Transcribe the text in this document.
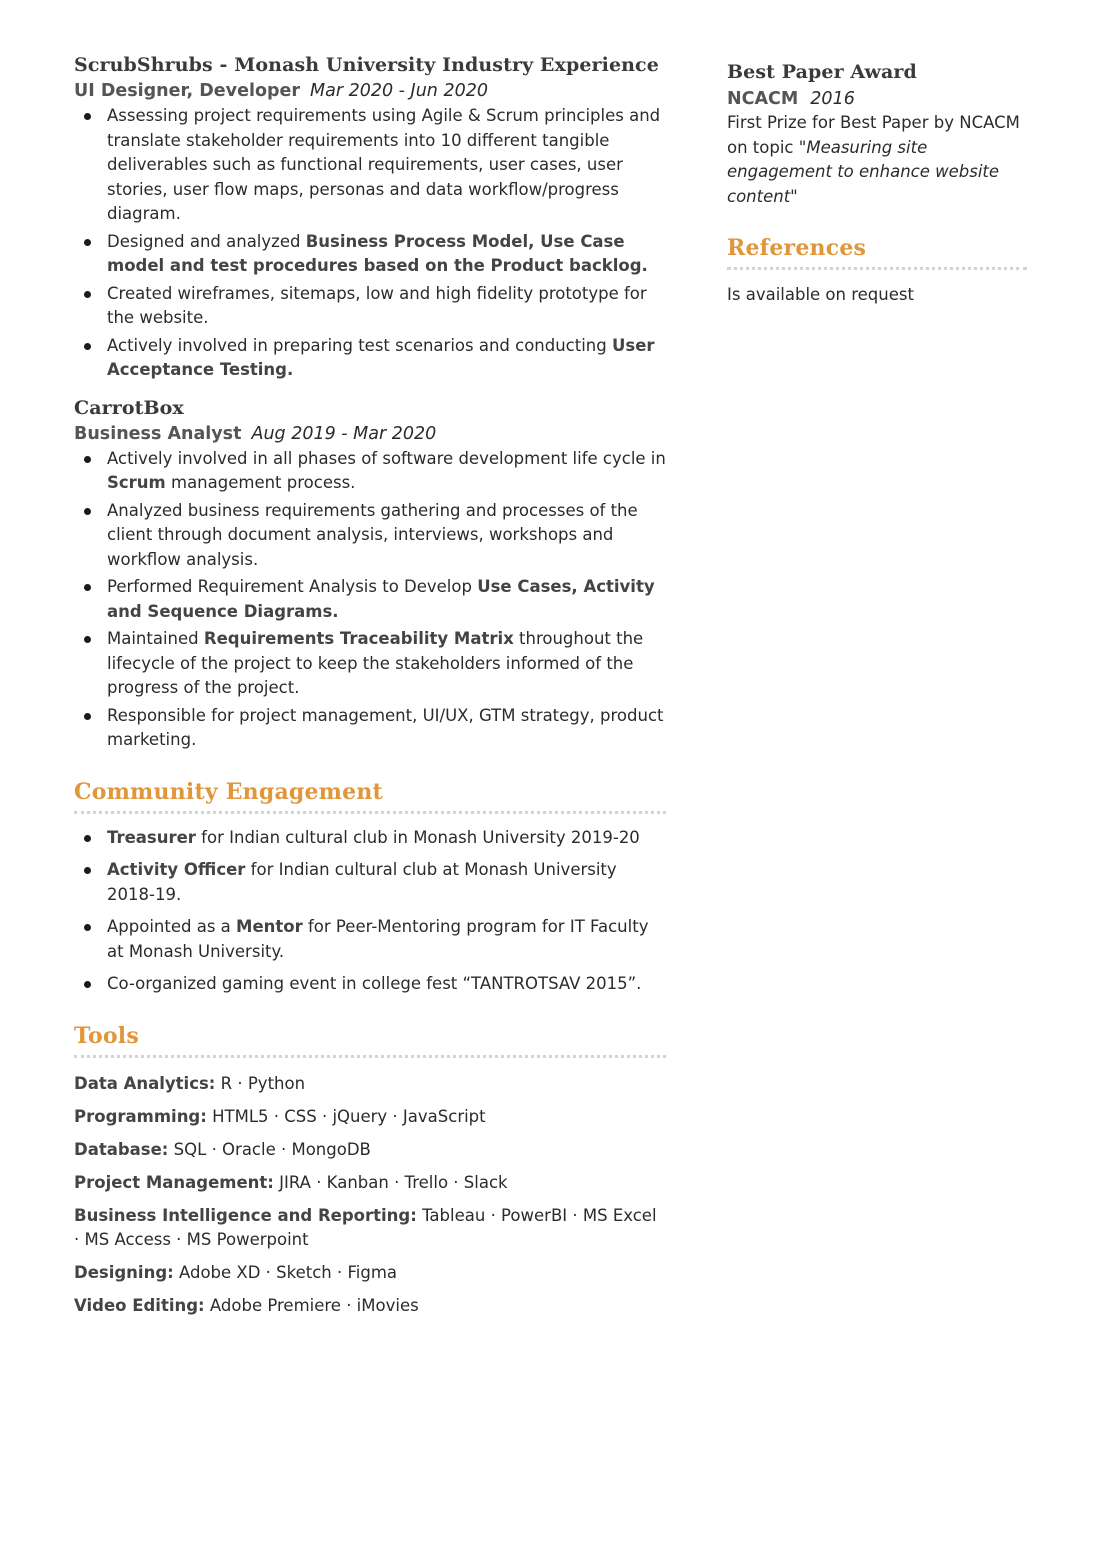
ScrubShrubs - Monash University Industry Experience
UI Designer, Developer Mar 2020 - Jun 2020
Assessing project requirements using Agile & Scrum principles and translate stakeholder requirements into 10 different tangible deliverables such as functional requirements, user cases, user stories, user flow maps, personas and data workflow/progress diagram.
Designed and analyzed Business Process Model, Use Case model and test procedures based on the Product backlog.
Created wireframes, sitemaps, low and high fidelity prototype for the website.
Actively involved in preparing test scenarios and conducting User Acceptance Testing.
CarrotBox
Business Analyst Aug 2019 - Mar 2020
Actively involved in all phases of software development life cycle in Scrum management process.
Analyzed business requirements gathering and processes of the client through document analysis, interviews, workshops and workflow analysis.
Performed Requirement Analysis to Develop Use Cases, Activity and Sequence Diagrams.
Maintained Requirements Traceability Matrix throughout the lifecycle of the project to keep the stakeholders informed of the progress of the project.
Responsible for project management, UI/UX, GTM strategy, product marketing.
Community Engagement
Treasurer for Indian cultural club in Monash University 2019-20
Activity Officer for Indian cultural club at Monash University 2018-19.
Appointed as a Mentor for Peer-Mentoring program for IT Faculty at Monash University.
Co-organized gaming event in college fest “TANTROTSAV 2015”.
Tools
Data Analytics: R · Python
Programming: HTML5 · CSS · jQuery · JavaScript
Database: SQL · Oracle · MongoDB
Project Management: JIRA · Kanban · Trello · Slack
Business Intelligence and Reporting: Tableau · PowerBI · MS Excel · MS Access · MS Powerpoint
Designing: Adobe XD · Sketch · Figma
Video Editing: Adobe Premiere · iMovies
Best Paper Award
NCACM 2016
First Prize for Best Paper by NCACM on topic "Measuring site engagement to enhance website content"
References
Is available on request
